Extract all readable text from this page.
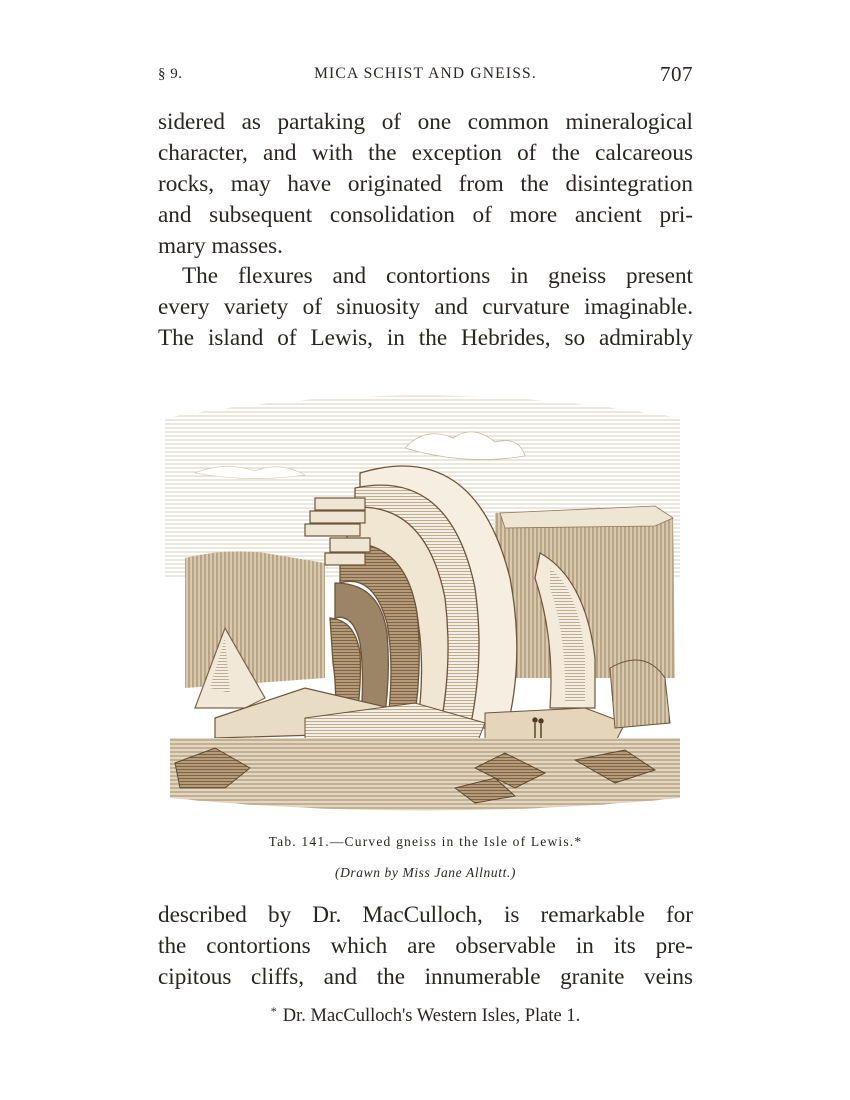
§ 9.	MICA SCHIST AND GNEISS.	707
sidered as partaking of one common mineralogical
character, and with the exception of the calcareous
rocks, may have originated from the disintegration
and subsequent consolidation of more ancient pri-
mary masses.
The flexures and contortions in gneiss present
every variety of sinuosity and curvature imaginable.
The island of Lewis, in the Hebrides, so admirably
Tab. 141.—Curved gneiss in the Isle of Lewis.*
(Drawn by Miss Jane Allnutt.)
described by Dr. MacCulloch, is remarkable for
the contortions which are observable in its pre-
cipitous cliffs, and the innumerable granite veins
* Dr. MacCulloch's Western Isles, Plate 1.
